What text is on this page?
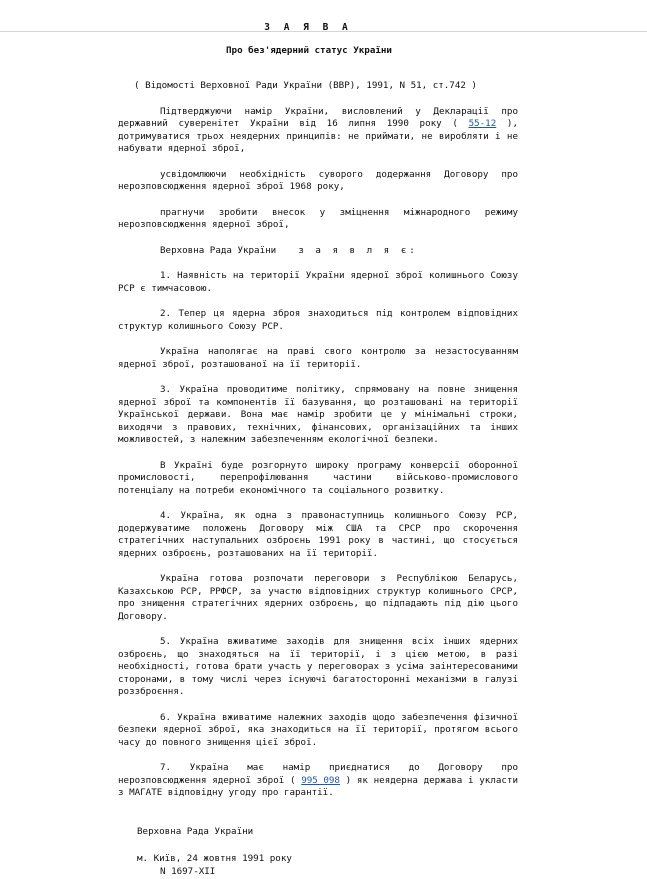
З А Я В А
Про без'ядерний статус України

( Відомості Верховної Ради України (ВВР), 1991, N 51, ст.742 )

Підтверджуючи намір України, висловлений у Декларації про державний суверенітет України від 16 липня 1990 року ( 55-12 ), дотримуватися трьох неядерних принципів: не приймати, не виробляти і не набувати ядерної зброї,

усвідомлюючи необхідність суворого додержання Договору про нерозповсюдження ядерної зброї 1968 року,

прагнучи зробити внесок у зміцнення міжнародного режиму нерозповсюдження ядерної зброї,

Верховна Рада України з а я в л я є:

1. Наявність на території України ядерної зброї колишнього Союзу РСР є тимчасовою.

2. Тепер ця ядерна зброя знаходиться під контролем відповідних структур колишнього Союзу РСР.

Україна наполягає на праві свого контролю за незастосуванням ядерної зброї, розташованої на її території.

3. Україна проводитиме політику, спрямовану на повне знищення ядерної зброї та компонентів її базування, що розташовані на території Української держави. Вона має намір зробити це у мінімальні строки, виходячи з правових, технічних, фінансових, організаційних та інших можливостей, з належним забезпеченням екологічної безпеки.

В Україні буде розгорнуто широку програму конверсії оборонної промисловості, перепрофілювання частини військово-промислового потенціалу на потреби економічного та соціального розвитку.

4. Україна, як одна з правонаступниць колишнього Союзу РСР, додержуватиме положень Договору між США та СРСР про скорочення стратегічних наступальних озброєнь 1991 року в частині, що стосується ядерних озброєнь, розташованих на її території.

Україна готова розпочати переговори з Республікою Беларусь, Казахською РСР, РРФСР, за участю відповідних структур колишнього СРСР, про знищення стратегічних ядерних озброєнь, що підпадають під дію цього Договору.

5. Україна вживатиме заходів для знищення всіх інших ядерних озброєнь, що знаходяться на її території, і з цією метою, в разі необхідності, готова брати участь у переговорах з усіма заінтересованими сторонами, в тому числі через існуючі багатосторонні механізми в галузі роззброєння.

6. Україна вживатиме належних заходів щодо забезпечення фізичної безпеки ядерної зброї, яка знаходиться на її території, протягом всього часу до повного знищення цієї зброї.

7. Україна має намір приєднатися до Договору про нерозповсюдження ядерної зброї ( 995_098 ) як неядерна держава і укласти з МАГАТЕ відповідну угоду про гарантії.

Верховна Рада України
м. Київ, 24 жовтня 1991 року
N 1697-XII
